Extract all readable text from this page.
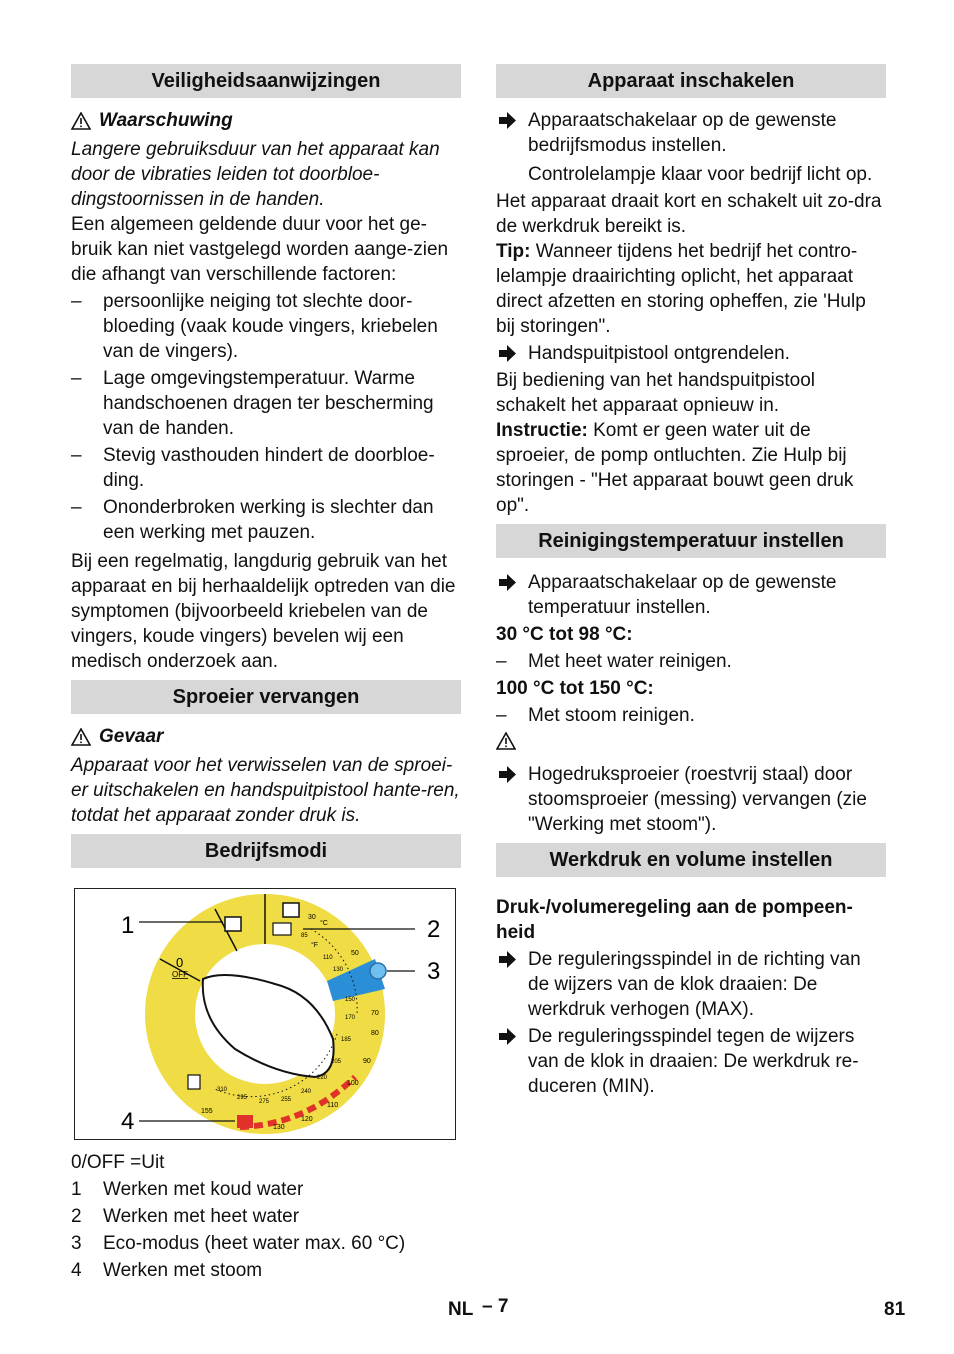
Veiligheidsaanwijzingen
Waarschuwing

Langere gebruiksduur van het apparaat kan door de vibraties leiden tot doorbloe-dingstoornissen in de handen.

Een algemeen geldende duur voor het ge-bruik kan niet vastgelegd worden aange-zien die afhangt van verschillende factoren:

– persoonlijke neiging tot slechte door-bloeding (vaak koude vingers, kriebelen van de vingers).
– Lage omgevingstemperatuur. Warme handschoenen dragen ter bescherming van de handen.
– Stevig vasthouden hindert de doorbloe-ding.
– Ononderbroken werking is slechter dan een werking met pauzen.

Bij een regelmatig, langdurig gebruik van het apparaat en bij herhaaldelijk optreden van die symptomen (bijvoorbeeld kriebelen van de vingers, koude vingers) bevelen wij een medisch onderzoek aan.

Sproeier vervangen
Gevaar

Apparaat voor het verwisselen van de sproei-er uitschakelen en handspuitpistool hante-ren, totdat het apparaat zonder druk is.

Bedrijfsmodi
1	2
3
4
0
OFF
°C
°F
30
50
70
80
90
100
110
120
130
85
110
130
150
170
185
205
220
240
255
275
295
310
155
0/OFF = Uit
1	Werken met koud water
2	Werken met heet water
3	Eco-modus (heet water max. 60 °C)
4	Werken met stoom
Apparaat inschakelen
Apparaatschakelaar op de gewenste bedrijfsmodus instellen.

Controlelampje klaar voor bedrijf licht op.

Het apparaat draait kort en schakelt uit zo-dra de werkdruk bereikt is.

Tip: Wanneer tijdens het bedrijf het contro-lelampje draairichting oplicht, het apparaat direct afzetten en storing opheffen, zie 'Hulp bij storingen".

Handspuitpistool ontgrendelen.

Bij bediening van het handspuitpistool schakelt het apparaat opnieuw in.

Instructie: Komt er geen water uit de sproeier, de pomp ontluchten. Zie Hulp bij storingen - "Het apparaat bouwt geen druk op".

Reinigingstemperatuur instellen
Apparaatschakelaar op de gewenste temperatuur instellen.

30 °C tot 98 °C:

– Met heet water reinigen.

100 °C tot 150 °C:

– Met stoom reinigen.
Hogedruksproeier (roestvrij staal) door stoomsproeier (messing) vervangen (zie "Werking met stoom").
Werkdruk en volume instellen

Druk-/volumeregeling aan de pompeen-heid

De reguleringsspindel in de richting van de wijzers van de klok draaien: De werkdruk verhogen (MAX).
De reguleringsspindel tegen de wijzers van de klok in draaien: De werkdruk re-duceren (MIN).
NL – 7	81
